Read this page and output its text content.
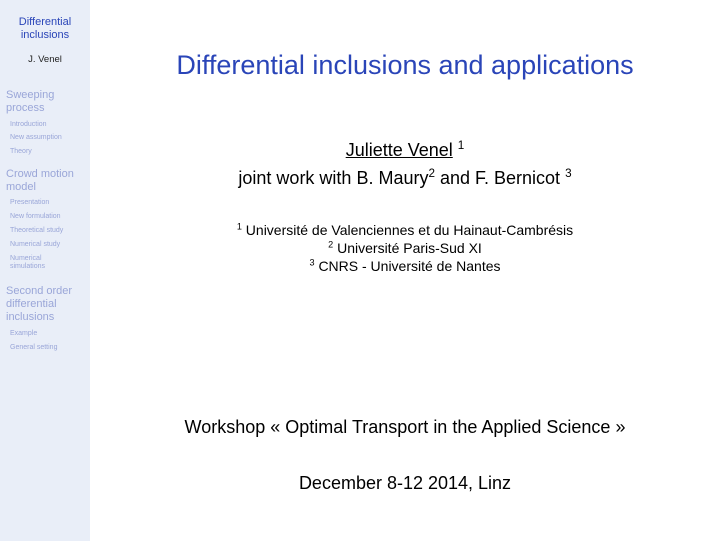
Differential
inclusions
J. Venel
Sweeping
process
Introduction
New assumption
Theory
Crowd motion
model
Presentation
New formulation
Theoretical study
Numerical study
Numerical
simulations
Second order
differential
inclusions
Example
General setting
Differential inclusions and applications
Juliette Venel $^1$
joint work with B. Maury$^2$ and F. Bernicot $^3$
$^1$ Université de Valenciennes et du Hainaut-Cambrésis
$^2$ Université Paris-Sud XI
$^3$ CNRS - Université de Nantes
Workshop « Optimal Transport in the Applied Science »
December 8-12 2014, Linz
